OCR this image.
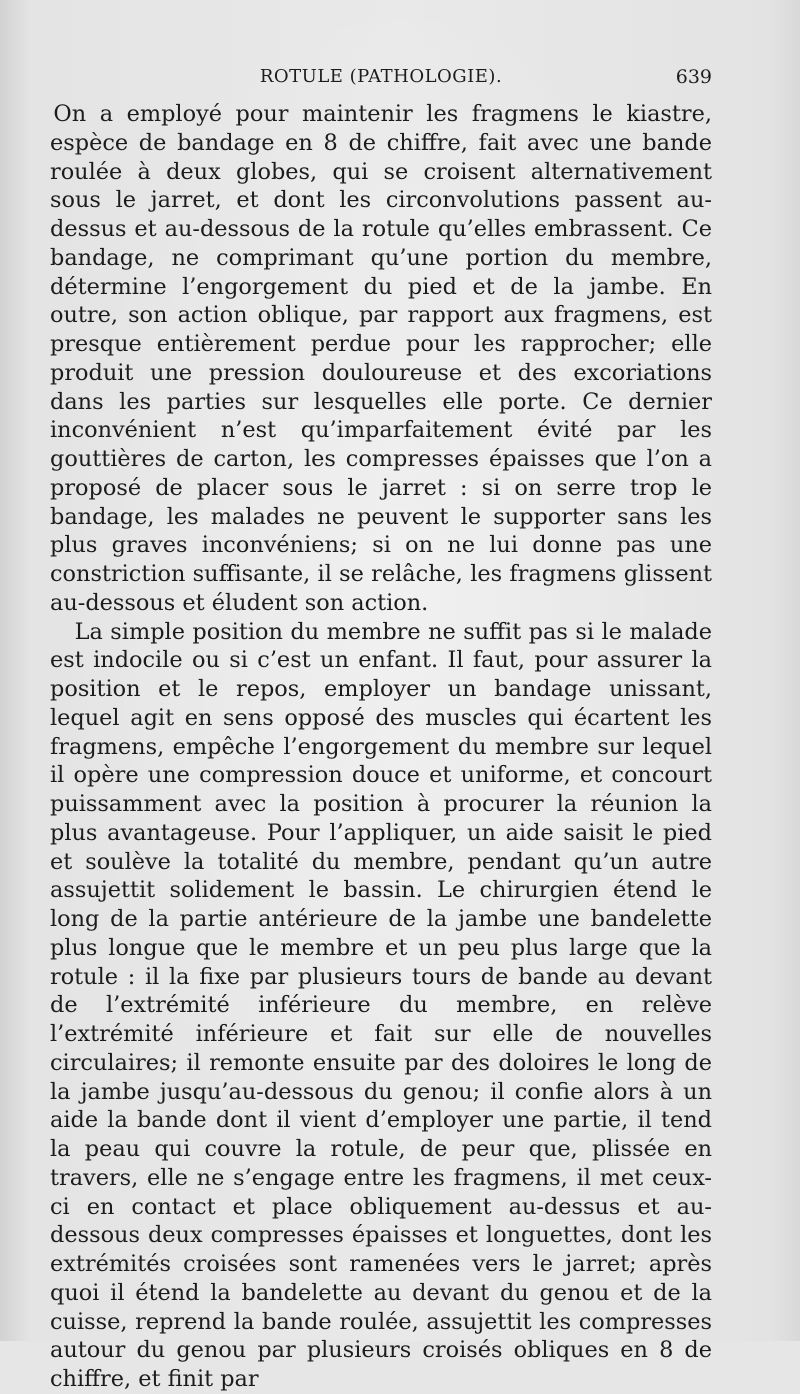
ROTULE (PATHOLOGIE).	639

On a employé pour maintenir les fragmens le kiastre, espèce de bandage en 8 de chiffre, fait avec une bande roulée à deux globes, qui se croisent alternativement sous le jarret, et dont les circonvolutions passent au-dessus et au-dessous de la rotule qu’elles embrassent. Ce bandage, ne comprimant qu’une portion du membre, détermine l’engorgement du pied et de la jambe. En outre, son action oblique, par rapport aux fragmens, est presque entièrement perdue pour les rapprocher; elle produit une pression douloureuse et des excoriations dans les parties sur lesquelles elle porte. Ce dernier inconvénient n’est qu’imparfaitement évité par les gouttières de carton, les compresses épaisses que l’on a proposé de placer sous le jarret : si on serre trop le bandage, les malades ne peuvent le supporter sans les plus graves inconvéniens; si on ne lui donne pas une constriction suffisante, il se relâche, les fragmens glissent au-dessous et éludent son action.

La simple position du membre ne suffit pas si le malade est indocile ou si c’est un enfant. Il faut, pour assurer la position et le repos, employer un bandage unissant, lequel agit en sens opposé des muscles qui écartent les fragmens, empêche l’engorgement du membre sur lequel il opère une compression douce et uniforme, et concourt puissamment avec la position à procurer la réunion la plus avantageuse. Pour l’appliquer, un aide saisit le pied et soulève la totalité du membre, pendant qu’un autre assujettit solidement le bassin. Le chirurgien étend le long de la partie antérieure de la jambe une bandelette plus longue que le membre et un peu plus large que la rotule : il la fixe par plusieurs tours de bande au devant de l’extrémité inférieure du membre, en relève l’extrémité inférieure et fait sur elle de nouvelles circulaires; il remonte ensuite par des doloires le long de la jambe jusqu’au-dessous du genou; il confie alors à un aide la bande dont il vient d’employer une partie, il tend la peau qui couvre la rotule, de peur que, plissée en travers, elle ne s’engage entre les fragmens, il met ceux-ci en contact et place obliquement au-dessus et au-dessous deux compresses épaisses et longuettes, dont les extrémités croisées sont ramenées vers le jarret; après quoi il étend la bandelette au devant du genou et de la cuisse, reprend la bande roulée, assujettit les compresses autour du genou par plusieurs croisés obliques en 8 de chiffre, et finit par
